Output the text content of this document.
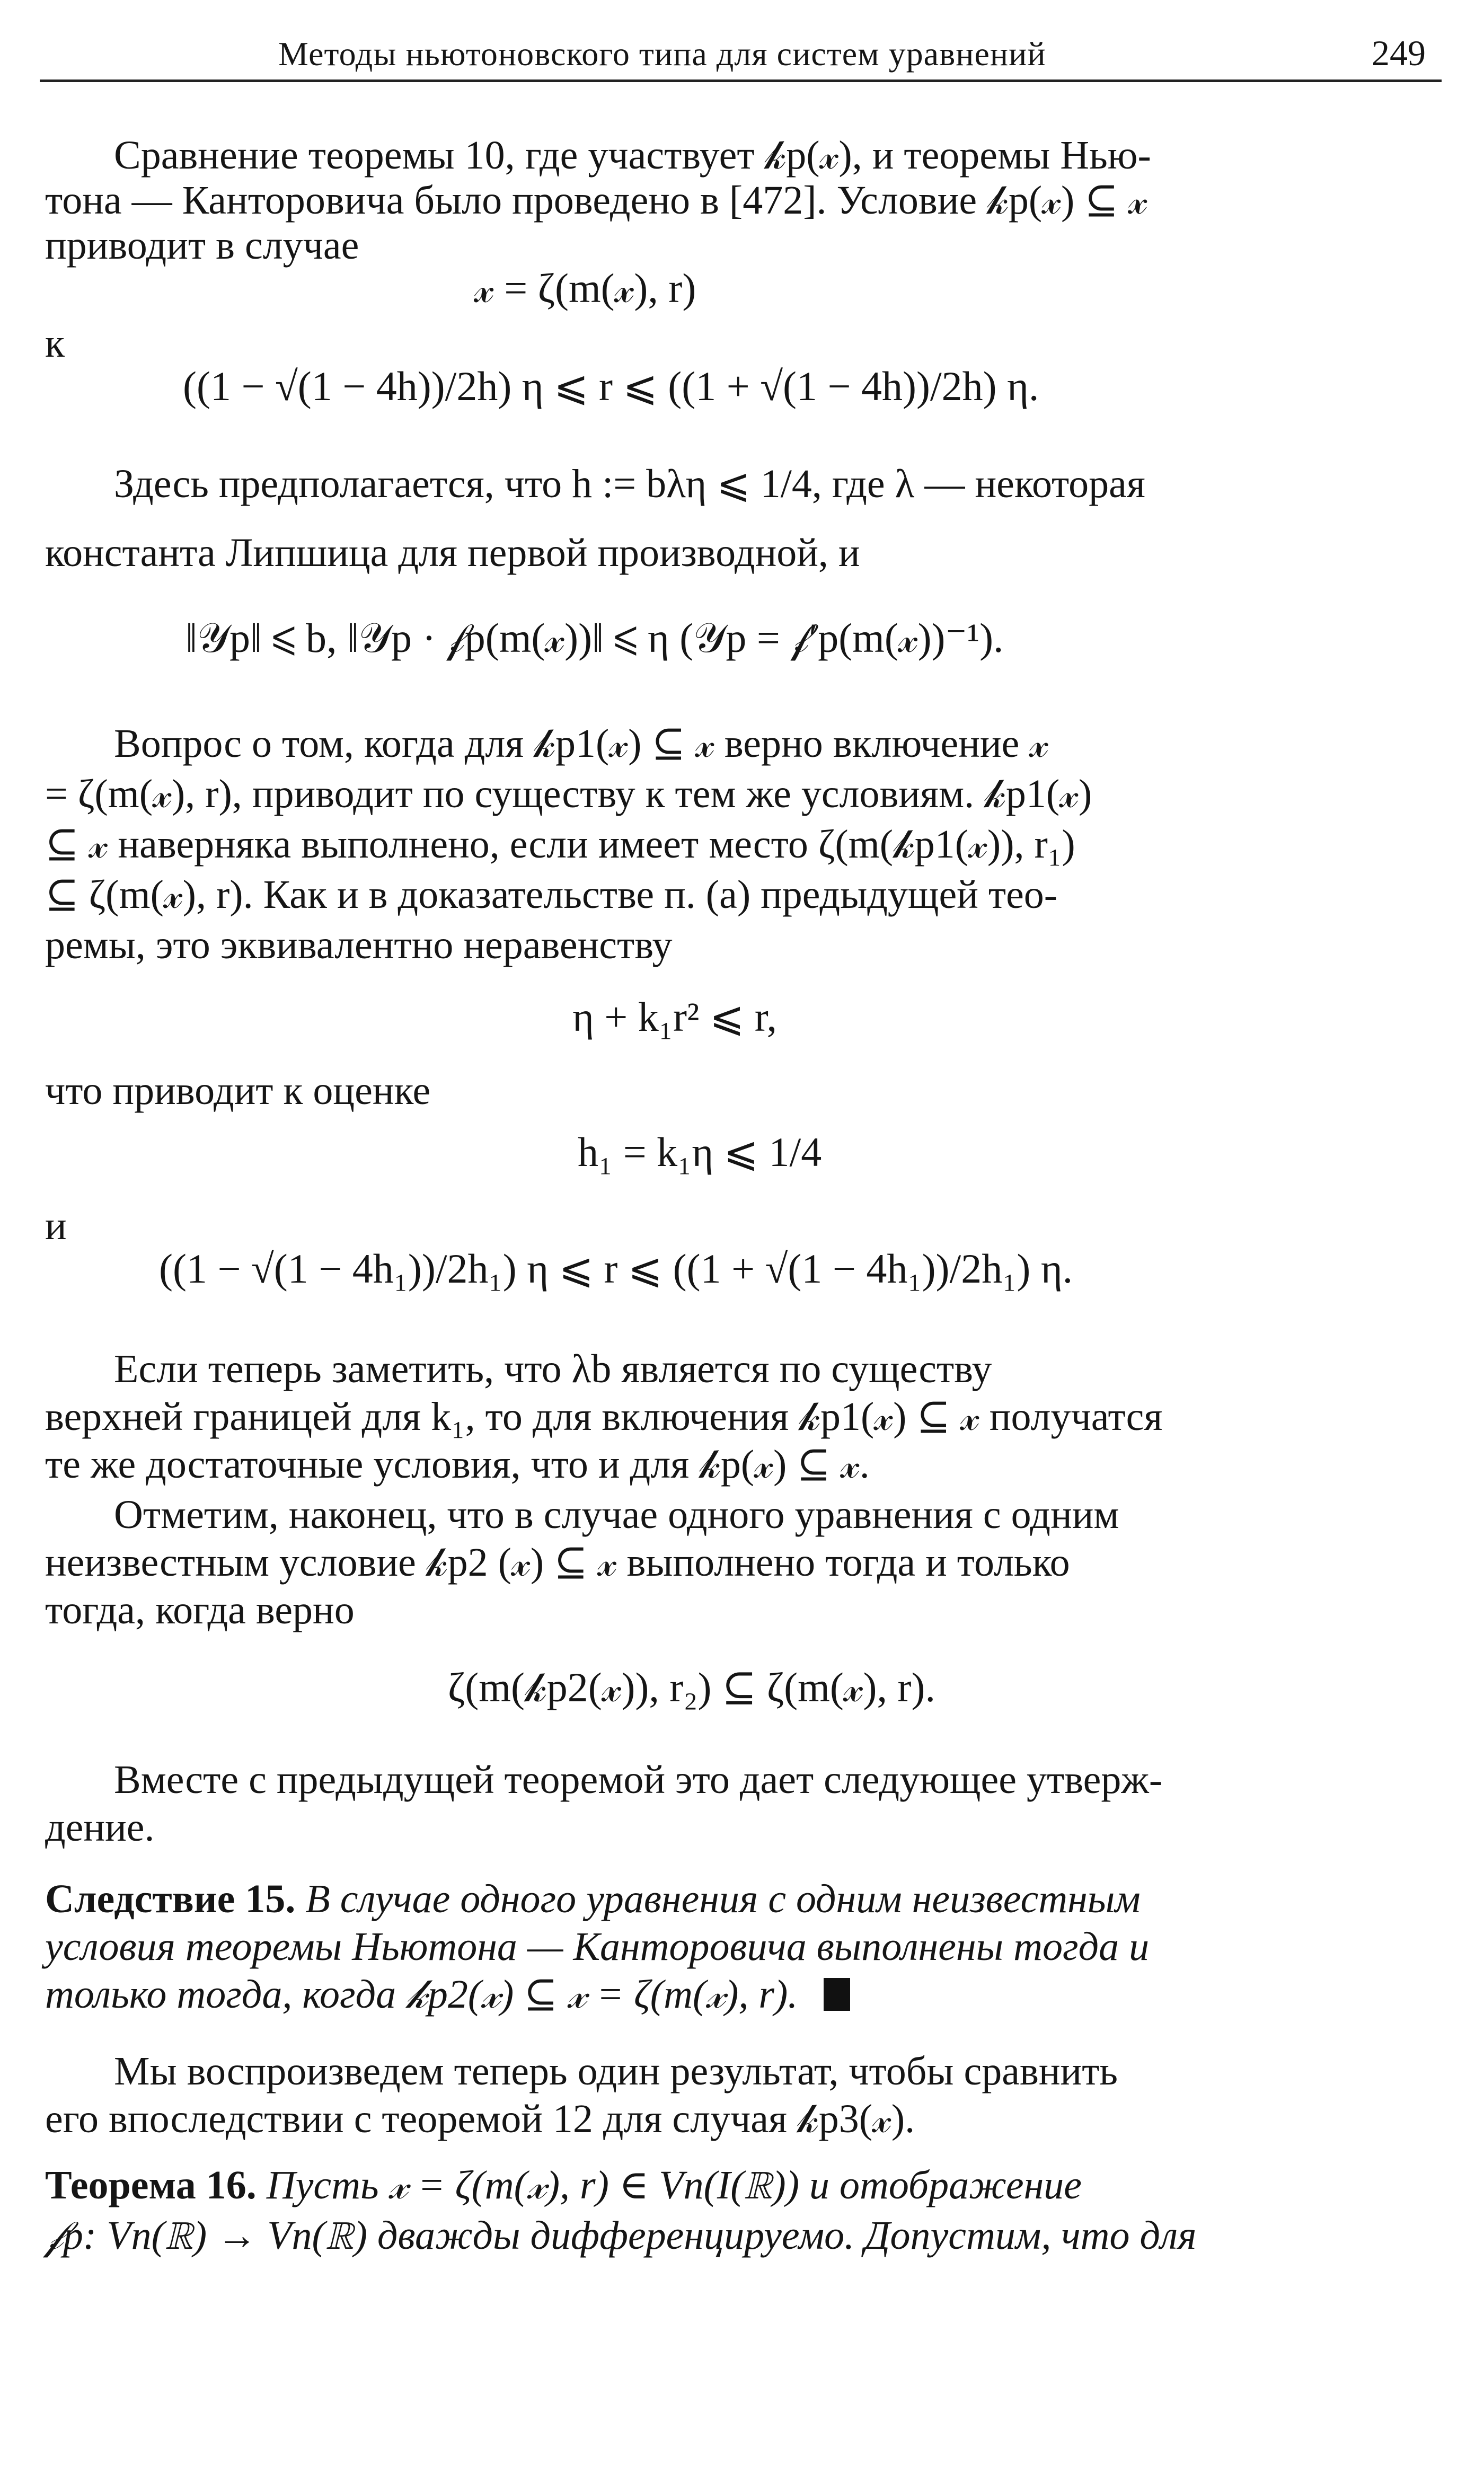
Методы ньютоновского типа для систем уравнений	249
Сравнение теоремы 10, где участвует 𝓀p(𝓍), и теоремы Нью-
тона — Канторовича было проведено в [472]. Условие 𝓀p(𝓍) ⊆ 𝓍
приводит в случае
𝓍 = ζ(m(𝓍), r)
к
((1 − √(1 − 4h))/2h) η ⩽ r ⩽ ((1 + √(1 − 4h))/2h) η.
Здесь предполагается, что h := bλη ⩽ 1/4, где λ — некоторая
константа Липшица для первой производной, и
‖𝒴p‖ ⩽ b, ‖𝒴p · 𝒻p(m(𝓍))‖ ⩽ η (𝒴p = 𝒻′p(m(𝓍))⁻¹).
Вопрос о том, когда для 𝓀p1(𝓍) ⊆ 𝓍 верно включение 𝓍
= ζ(m(𝓍), r), приводит по существу к тем же условиям. 𝓀p1(𝓍)
⊆ 𝓍 наверняка выполнено, если имеет место ζ(m(𝓀p1(𝓍)), r₁)
⊆ ζ(m(𝓍), r). Как и в доказательстве п. (а) предыдущей тео-
ремы, это эквивалентно неравенству
η + k₁r² ⩽ r,
что приводит к оценке
h₁ = k₁η ⩽ 1/4
и
((1 − √(1 − 4h₁))/2h₁) η ⩽ r ⩽ ((1 + √(1 − 4h₁))/2h₁) η.
Если теперь заметить, что λb является по существу
верхней границей для k₁, то для включения 𝓀p1(𝓍) ⊆ 𝓍 получатся
те же достаточные условия, что и для 𝓀p(𝓍) ⊆ 𝓍.
Отметим, наконец, что в случае одного уравнения с одним
неизвестным условие 𝓀p2 (𝓍) ⊆ 𝓍 выполнено тогда и только
тогда, когда верно
ζ(m(𝓀p2(𝓍)), r₂) ⊆ ζ(m(𝓍), r).
Вместе с предыдущей теоремой это дает следующее утверж-
дение.
Следствие 15. В случае одного уравнения с одним неизвестным
условия теоремы Ньютона — Канторовича выполнены тогда и
только тогда, когда 𝓀p2(𝓍) ⊆ 𝓍 = ζ(m(𝓍), r).
Мы воспроизведем теперь один результат, чтобы сравнить
его впоследствии с теоремой 12 для случая 𝓀p3(𝓍).
Теорема 16. Пусть 𝓍 = ζ(m(𝓍), r) ∈ Vn(I(ℝ)) и отображение
𝒻p: Vn(ℝ) → Vn(ℝ) дважды дифференцируемо. Допустим, что для
